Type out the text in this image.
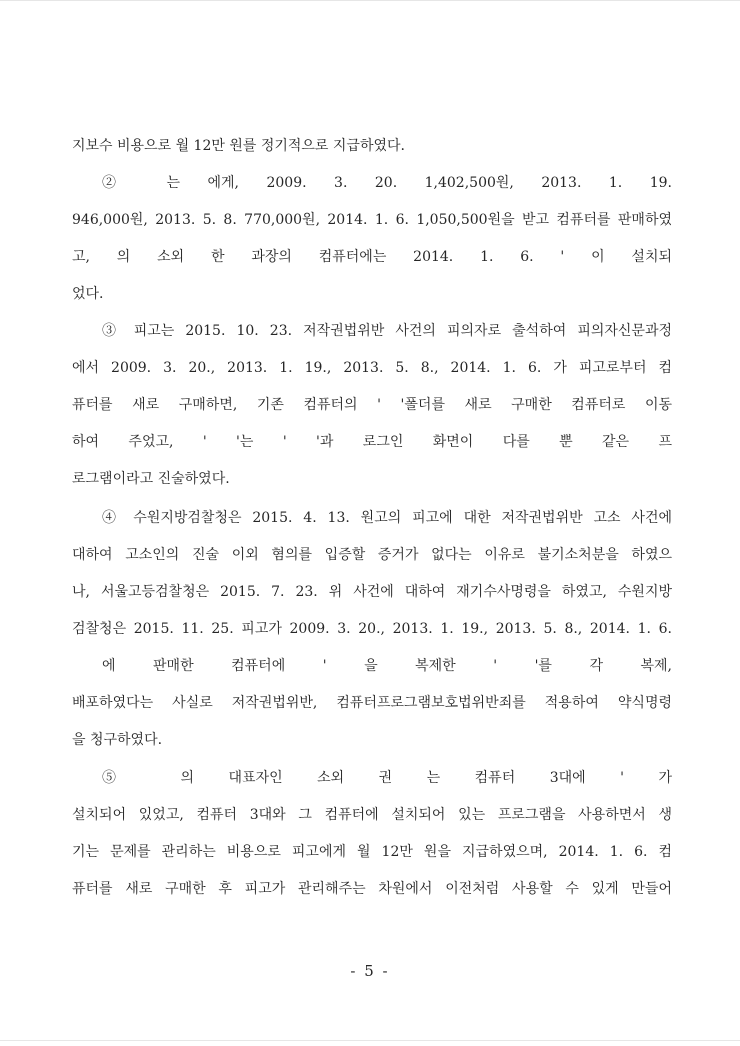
지보수 비용으로 월 12만 원를 정기적으로 지급하였다.
② 는 에게, 2009. 3. 20. 1,402,500원, 2013. 1. 19.
946,000원, 2013. 5. 8. 770,000원, 2014. 1. 6. 1,050,500원을 받고 컴퓨터를 판매하였
고, 의 소외 한 과장의 컴퓨터에는 2014. 1. 6. ' 이 설치되
었다.
③ 피고는 2015. 10. 23. 저작권법위반 사건의 피의자로 출석하여 피의자신문과정
에서 2009. 3. 20., 2013. 1. 19., 2013. 5. 8., 2014. 1. 6. 가 피고로부터 컴
퓨터를 새로 구매하면, 기존 컴퓨터의 ' '폴더를 새로 구매한 컴퓨터로 이동
하여 주었고, ' '는 ' '과 로그인 화면이 다를 뿐 같은 프
로그램이라고 진술하였다.
④ 수원지방검찰청은 2015. 4. 13. 원고의 피고에 대한 저작권법위반 고소 사건에
대하여 고소인의 진술 이외 혐의를 입증할 증거가 없다는 이유로 불기소처분을 하였으
나, 서울고등검찰청은 2015. 7. 23. 위 사건에 대하여 재기수사명령을 하였고, 수원지방
검찰청은 2015. 11. 25. 피고가 2009. 3. 20., 2013. 1. 19., 2013. 5. 8., 2014. 1. 6.
에 판매한 컴퓨터에 ' 을 복제한 ' '를 각 복제,
배포하였다는 사실로 저작권법위반, 컴퓨터프로그램보호법위반죄를 적용하여 약식명령
을 청구하였다.
⑤ 의 대표자인 소외 권 는 컴퓨터 3대에 ' 가
설치되어 있었고, 컴퓨터 3대와 그 컴퓨터에 설치되어 있는 프로그램을 사용하면서 생
기는 문제를 관리하는 비용으로 피고에게 월 12만 원을 지급하였으며, 2014. 1. 6. 컴
퓨터를 새로 구매한 후 피고가 관리해주는 차원에서 이전처럼 사용할 수 있게 만들어
- 5 -
